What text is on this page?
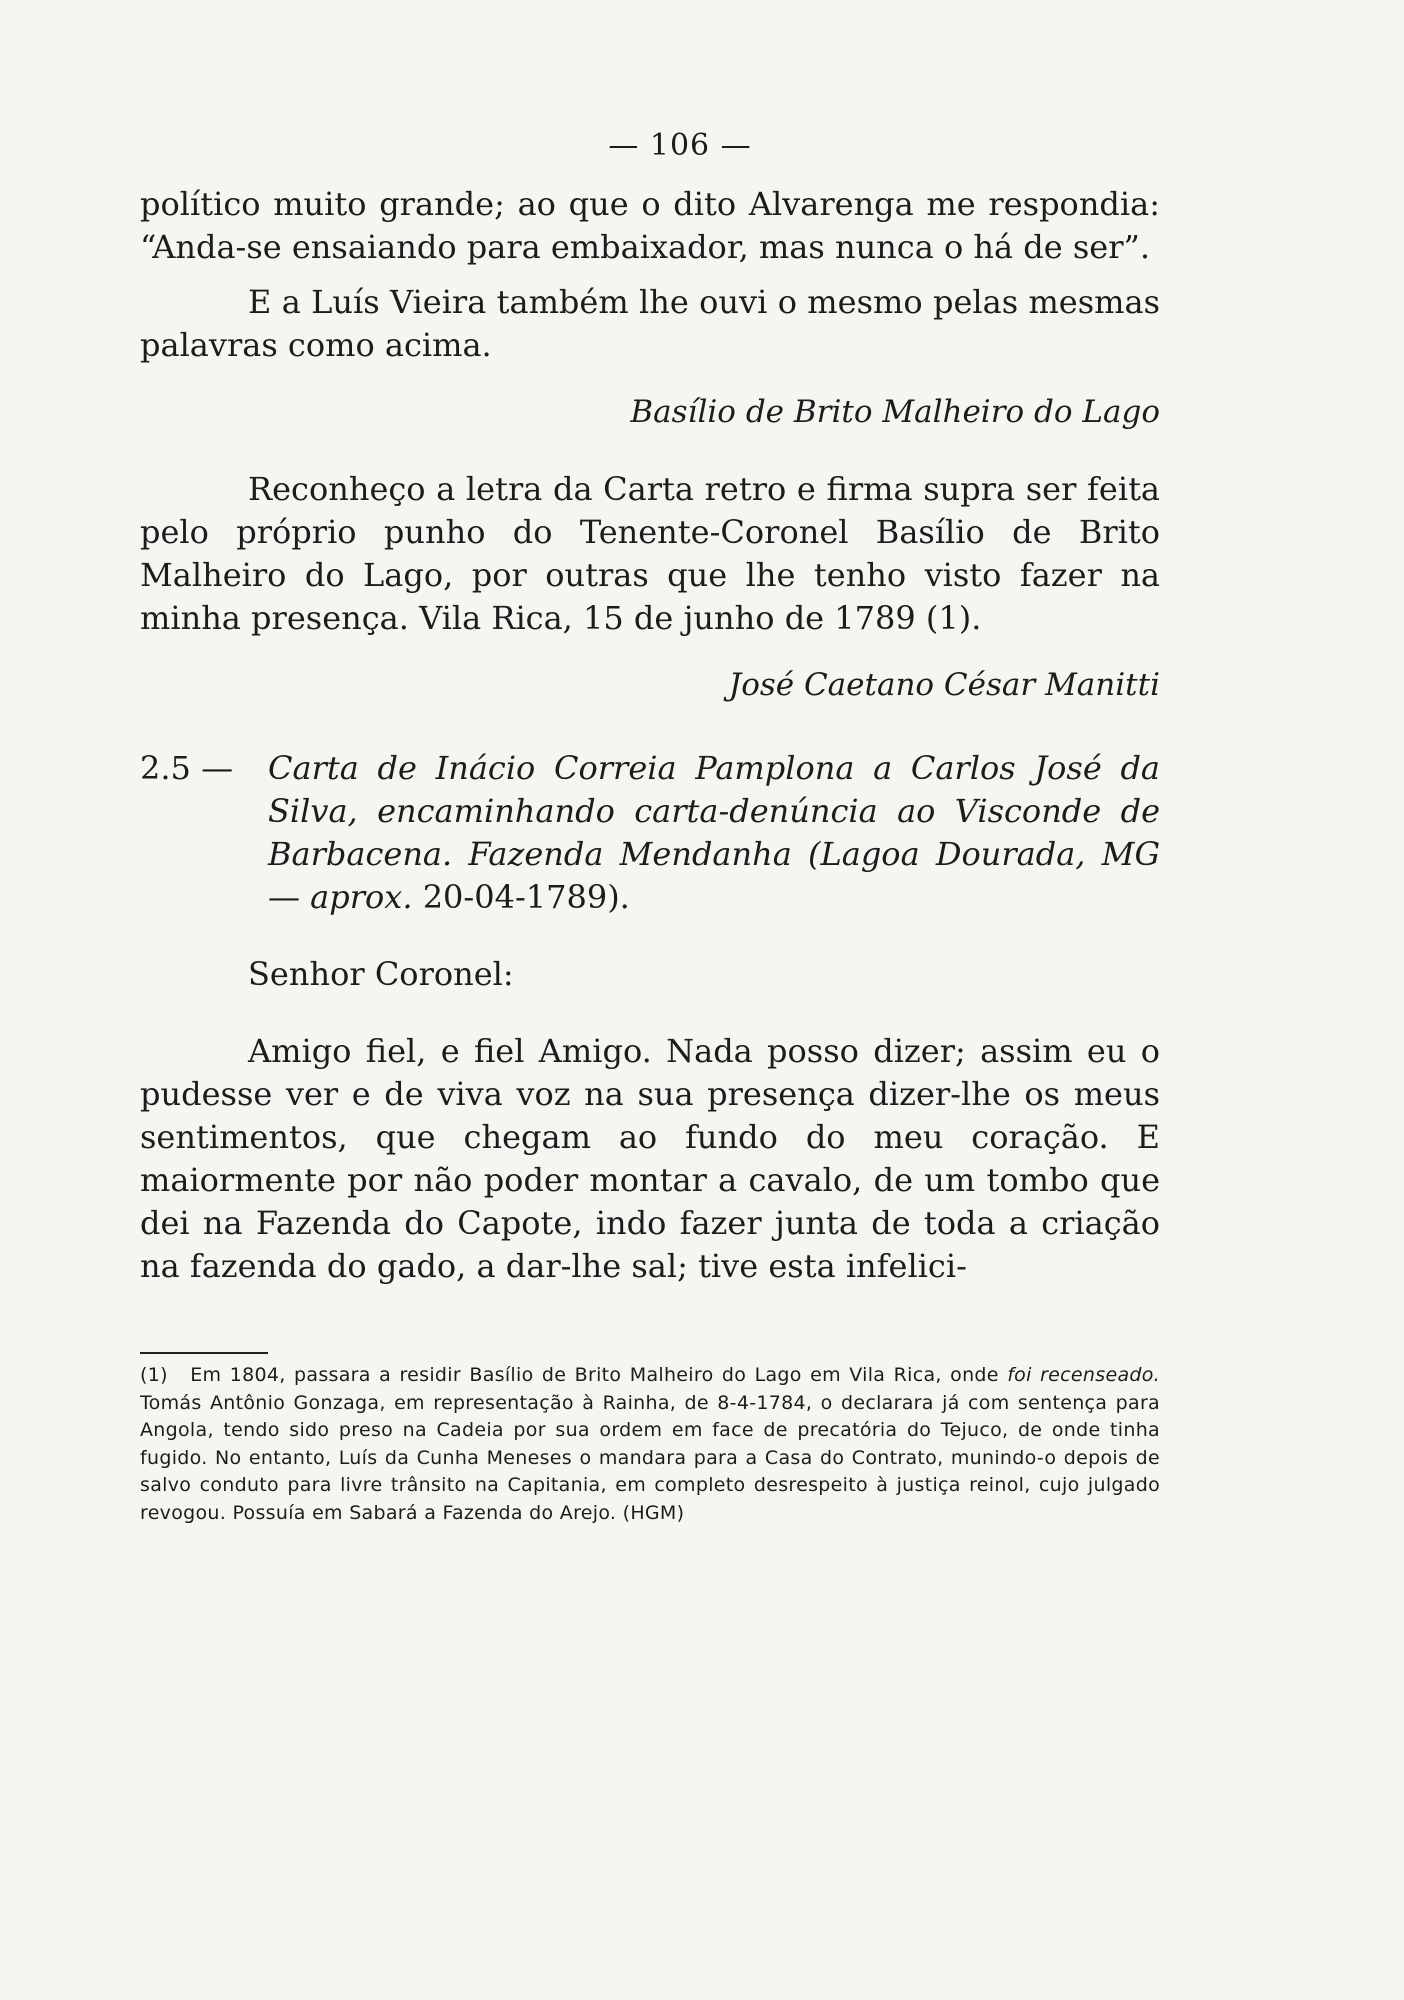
— 106 —

político muito grande; ao que o dito Alvarenga me respondia: “Anda-se ensaiando para embaixador, mas nunca o há de ser”.

E a Luís Vieira também lhe ouvi o mesmo pelas mesmas palavras como acima.

Basílio de Brito Malheiro do Lago

Reconheço a letra da Carta retro e firma supra ser feita pelo próprio punho do Tenente-Coronel Basílio de Brito Malheiro do Lago, por outras que lhe tenho visto fazer na minha presença. Vila Rica, 15 de junho de 1789 (1).

José Caetano César Manitti
2.5 —	Carta de Inácio Correia Pamplona a Carlos José da Silva, encaminhando carta-denúncia ao Visconde de Barbacena. Fazenda Mendanha (Lagoa Dourada, MG — aprox. 20-04-1789).

Senhor Coronel:

Amigo fiel, e fiel Amigo. Nada posso dizer; assim eu o pudesse ver e de viva voz na sua presença dizer-lhe os meus sentimentos, que chegam ao fundo do meu coração. E maiormente por não poder montar a cavalo, de um tombo que dei na Fazenda do Capote, indo fazer junta de toda a criação na fazenda do gado, a dar-lhe sal; tive esta infelici-

(1) Em 1804, passara a residir Basílio de Brito Malheiro do Lago em Vila Rica, onde foi recenseado. Tomás Antônio Gonzaga, em representação à Rainha, de 8-4-1784, o declarara já com sentença para Angola, tendo sido preso na Cadeia por sua ordem em face de precatória do Tejuco, de onde tinha fugido. No entanto, Luís da Cunha Meneses o mandara para a Casa do Contrato, munindo-o depois de salvo conduto para livre trânsito na Capitania, em completo desrespeito à justiça reinol, cujo julgado revogou. Possuía em Sabará a Fazenda do Arejo. (HGM)
